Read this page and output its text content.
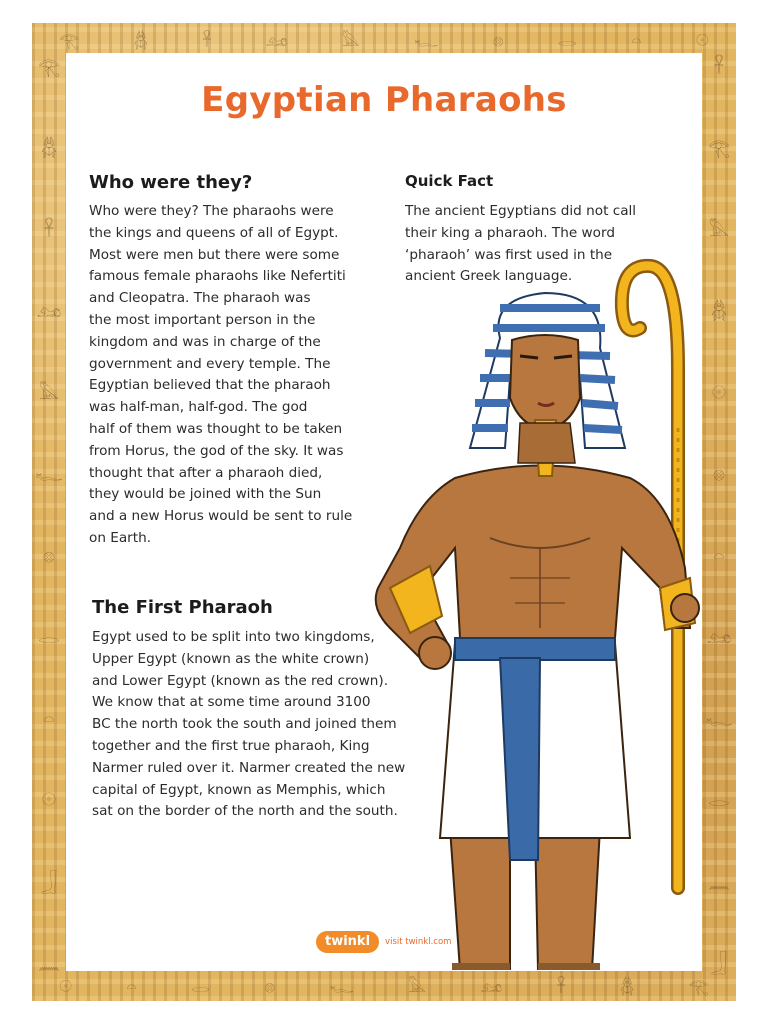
𓂀
𓆣
𓋹
𓃭
𓅓
𓆑
𓊖
𓂋
𓏏
𓇳
𓃀
𓈖
𓋹
𓂀
𓅓
𓆣
𓇳
𓊖
𓏏
𓃭
𓆑
𓂋
𓈖
𓃀
𓂀	𓆣	𓋹	𓃭	𓅓	𓆑	𓊖	𓂋	𓏏	𓇳
𓇳	𓏏	𓂋	𓊖	𓆑	𓅓	𓃭	𓋹	𓆣	𓂀
Egyptian Pharaohs
Who were they?
Who were they? The pharaohs were
the kings and queens of all of Egypt.
Most were men but there were some
famous female pharaohs like Nefertiti
and Cleopatra. The pharaoh was
the most important person in the
kingdom and was in charge of the
government and every temple. The
Egyptian believed that the pharaoh
was half-man, half-god. The god
half of them was thought to be taken
from Horus, the god of the sky. It was
thought that after a pharaoh died,
they would be joined with the Sun
and a new Horus would be sent to rule
on Earth.
Quick Fact
The ancient Egyptians did not call
their king a pharaoh. The word
‘pharaoh’ was first used in the
ancient Greek language.
The First Pharaoh
Egypt used to be split into two kingdoms,
Upper Egypt (known as the white crown)
and Lower Egypt (known as the red crown).
We know that at some time around 3100
BC the north took the south and joined them
together and the first true pharaoh, King
Narmer ruled over it. Narmer created the new
capital of Egypt, known as Memphis, which
sat on the border of the north and the south.
twinkl	visit twinkl.com
